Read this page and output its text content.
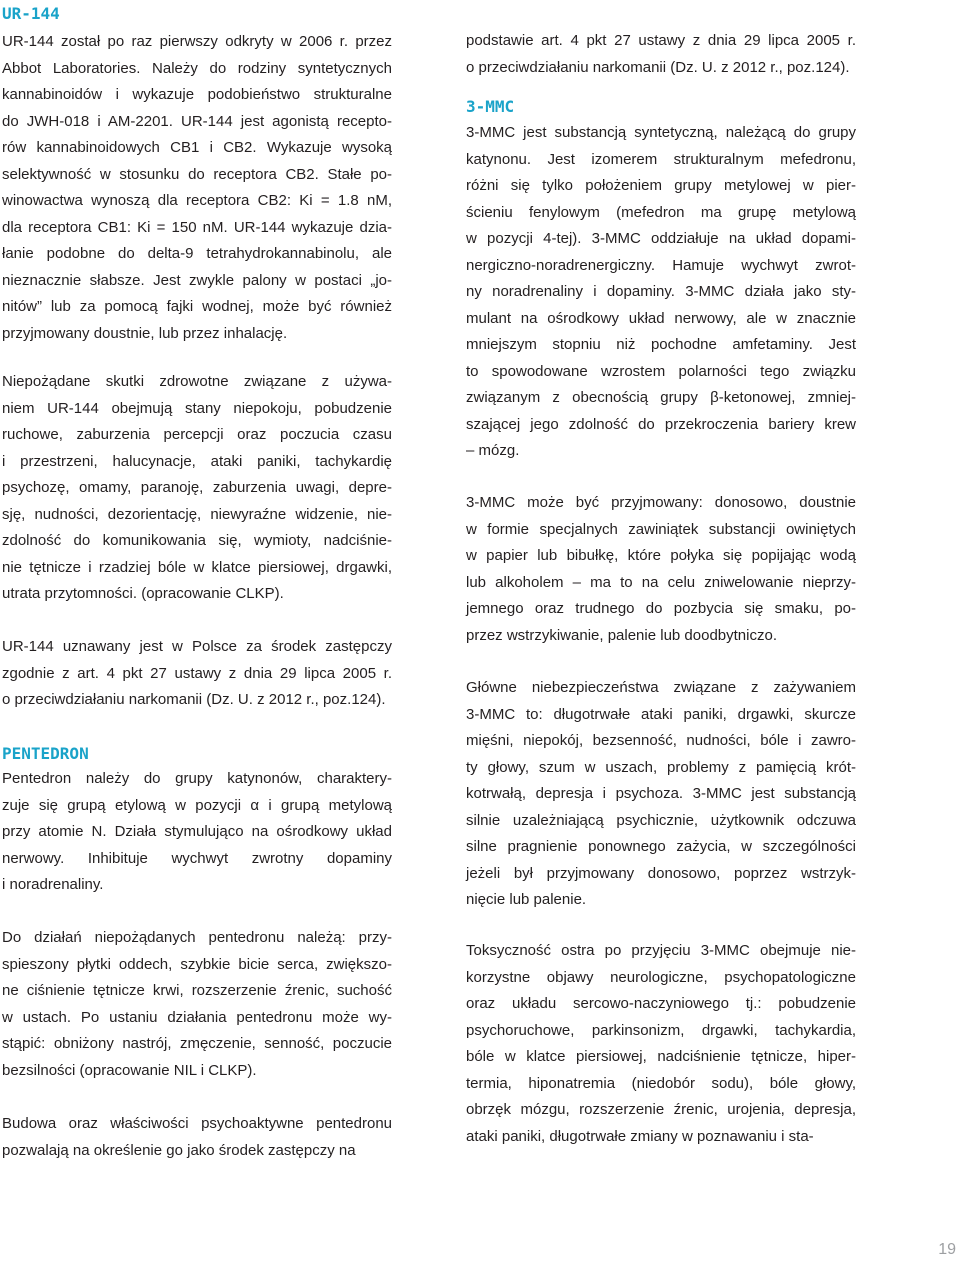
UR-144

UR-144 został po raz pierwszy odkryty w 2006 r. przez
Abbot Laboratories. Należy do rodziny syntetycznych
kannabinoidów i wykazuje podobieństwo strukturalne
do JWH-018 i AM-2201. UR-144 jest agonistą recepto-
rów kannabinoidowych CB1 i CB2. Wykazuje wysoką
selektywność w stosunku do receptora CB2. Stałe po-
winowactwa wynoszą dla receptora CB2: Ki = 1.8 nM,
dla receptora CB1: Ki = 150 nM. UR-144 wykazuje dzia-
łanie podobne do delta-9 tetrahydrokannabinolu, ale
nieznacznie słabsze. Jest zwykle palony w postaci „jo-
nitów” lub za pomocą fajki wodnej, może być również
przyjmowany doustnie, lub przez inhalację.

Niepożądane skutki zdrowotne związane z używa-
niem UR-144 obejmują stany niepokoju, pobudzenie
ruchowe, zaburzenia percepcji oraz poczucia czasu
i przestrzeni, halucynacje, ataki paniki, tachykardię
psychozę, omamy, paranoję, zaburzenia uwagi, depre-
sję, nudności, dezorientację, niewyraźne widzenie, nie-
zdolność do komunikowania się, wymioty, nadciśnie-
nie tętnicze i rzadziej bóle w klatce piersiowej, drgawki,
utrata przytomności. (opracowanie CLKP).

UR-144 uznawany jest w Polsce za środek zastępczy
zgodnie z art. 4 pkt 27 ustawy z dnia 29 lipca 2005 r.
o przeciwdziałaniu narkomanii (Dz. U. z 2012 r., poz.124).

PENTEDRON

Pentedron należy do grupy katynonów, charaktery-
zuje się grupą etylową w pozycji α i grupą metylową
przy atomie N. Działa stymulująco na ośrodkowy układ
nerwowy. Inhibituje wychwyt zwrotny dopaminy
i noradrenaliny.

Do działań niepożądanych pentedronu należą: przy-
spieszony płytki oddech, szybkie bicie serca, zwiększo-
ne ciśnienie tętnicze krwi, rozszerzenie źrenic, suchość
w ustach. Po ustaniu działania pentedronu może wy-
stąpić: obniżony nastrój, zmęczenie, senność, poczucie
bezsilności (opracowanie NIL i CLKP).

Budowa oraz właściwości psychoaktywne pentedronu
pozwalają na określenie go jako środek zastępczy na

podstawie art. 4 pkt 27 ustawy z dnia 29 lipca 2005 r.
o przeciwdziałaniu narkomanii (Dz. U. z 2012 r., poz.124).

3-MMC

3-MMC jest substancją syntetyczną, należącą do grupy
katynonu. Jest izomerem strukturalnym mefedronu,
różni się tylko położeniem grupy metylowej w pier-
ścieniu fenylowym (mefedron ma grupę metylową
w pozycji 4-tej). 3-MMC oddziałuje na układ dopami-
nergiczno-noradrenergiczny. Hamuje wychwyt zwrot-
ny noradrenaliny i dopaminy. 3-MMC działa jako sty-
mulant na ośrodkowy układ nerwowy, ale w znacznie
mniejszym stopniu niż pochodne amfetaminy. Jest
to spowodowane wzrostem polarności tego związku
związanym z obecnością grupy β-ketonowej, zmniej-
szającej jego zdolność do przekroczenia bariery krew
– mózg.

3-MMC może być przyjmowany: donosowo, doustnie
w formie specjalnych zawiniątek substancji owiniętych
w papier lub bibułkę, które połyka się popijając wodą
lub alkoholem – ma to na celu zniwelowanie nieprzy-
jemnego oraz trudnego do pozbycia się smaku, po-
przez wstrzykiwanie, palenie lub doodbytniczo.

Główne niebezpieczeństwa związane z zażywaniem
3-MMC to: długotrwałe ataki paniki, drgawki, skurcze
mięśni, niepokój, bezsenność, nudności, bóle i zawro-
ty głowy, szum w uszach, problemy z pamięcią krót-
kotrwałą, depresja i psychoza. 3-MMC jest substancją
silnie uzależniającą psychicznie, użytkownik odczuwa
silne pragnienie ponownego zażycia, w szczególności
jeżeli był przyjmowany donosowo, poprzez wstrzyk-
nięcie lub palenie.

Toksyczność ostra po przyjęciu 3-MMC obejmuje nie-
korzystne objawy neurologiczne, psychopatologiczne
oraz układu sercowo-naczyniowego tj.: pobudzenie
psychoruchowe, parkinsonizm, drgawki, tachykardia,
bóle w klatce piersiowej, nadciśnienie tętnicze, hiper-
termia, hiponatremia (niedobór sodu), bóle głowy,
obrzęk mózgu, rozszerzenie źrenic, urojenia, depresja,
ataki paniki, długotrwałe zmiany w poznawaniu i sta-

19
